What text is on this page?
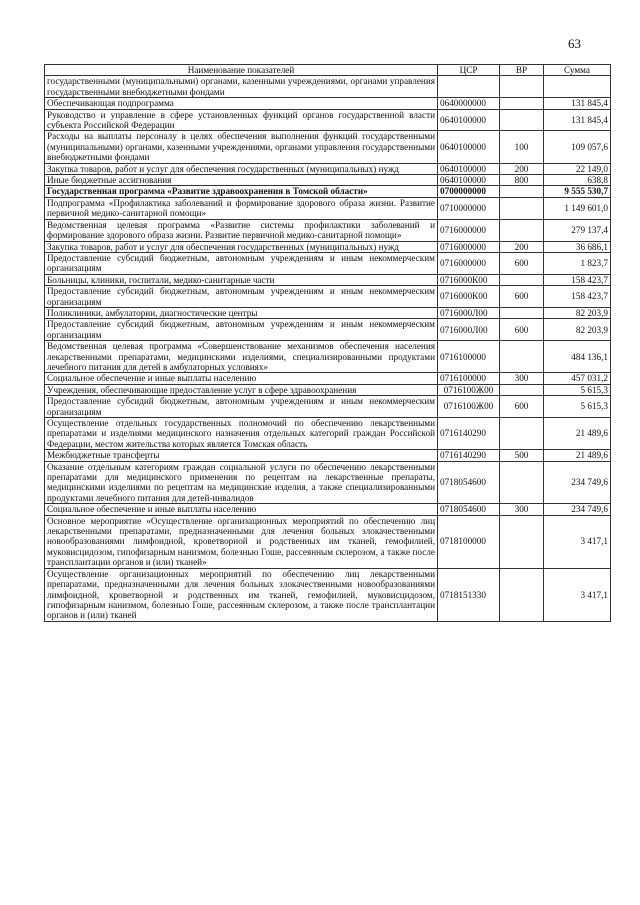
63
Наименование показателей	ЦСР	ВР	Сумма
государственными (муниципальными) органами, казенными учреждениями, органами управления государственными внебюджетными фондами			
Обеспечивающая подпрограмма	0640000000		131 845,4
Руководство и управление в сфере установленных функций органов государственной власти субъекта Российской Федерации	0640100000		131 845,4
Расходы на выплаты персоналу в целях обеспечения выполнения функций государственными (муниципальными) органами, казенными учреждениями, органами управления государственными внебюджетными фондами	0640100000	100	109 057,6
Закупка товаров, работ и услуг для обеспечения государственных (муниципальных) нужд	0640100000	200	22 149,0
Иные бюджетные ассигнования	0640100000	800	638,8
Государственная программа «Развитие здравоохранения в Томской области»	0700000000		9 555 530,7
Подпрограмма «Профилактика заболеваний и формирование здорового образа жизни. Развитие первичной медико-санитарной помощи»	0710000000		1 149 601,0
Ведомственная целевая программа «Развитие системы профилактики заболеваний и формирование здорового образа жизни. Развитие первичной медико-санитарной помощи»	0716000000		279 137,4
Закупка товаров, работ и услуг для обеспечения государственных (муниципальных) нужд	0716000000	200	36 686,1
Предоставление субсидий бюджетным, автономным учреждениям и иным некоммерческим организациям	0716000000	600	1 823,7
Больницы, клиники, госпитали, медико-санитарные части	0716000К00		158 423,7
Предоставление субсидий бюджетным, автономным учреждениям и иным некоммерческим организациям	0716000К00	600	158 423,7
Поликлиники, амбулатории, диагностические центры	0716000Л00		82 203,9
Предоставление субсидий бюджетным, автономным учреждениям и иным некоммерческим организациям	0716000Л00	600	82 203,9
Ведомственная целевая программа «Совершенствование механизмов обеспечения населения лекарственными препаратами, медицинскими изделиями, специализированными продуктами лечебного питания для детей в амбулаторных условиях»	0716100000		484 136,1
Социальное обеспечение и иные выплаты населению	0716100000	300	457 031,2
Учреждения, обеспечивающие предоставление услуг в сфере здравоохранения	0716100Ж00		5 615,3
Предоставление субсидий бюджетным, автономным учреждениям и иным некоммерческим организациям	0716100Ж00	600	5 615,3
Осуществление отдельных государственных полномочий по обеспечению лекарственными препаратами и изделиями медицинского назначения отдельных категорий граждан Российской Федерации, местом жительства которых является Томская область	0716140290		21 489,6
Межбюджетные трансферты	0716140290	500	21 489,6
Оказание отдельным категориям граждан социальной услуги по обеспечению лекарственными препаратами для медицинского применения по рецептам на лекарственные препараты, медицинскими изделиями по рецептам на медицинские изделия, а также специализированными продуктами лечебного питания для детей-инвалидов	0718054600		234 749,6
Социальное обеспечение и иные выплаты населению	0718054600	300	234 749,6
Основное мероприятие «Осуществление организационных мероприятий по обеспечению лиц лекарственными препаратами, предназначенными для лечения больных злокачественными новообразованиями лимфоидной, кроветворной и родственных им тканей, гемофилией, муковисцидозом, гипофизарным нанизмом, болезнью Гоше, рассеянным склерозом, а также после трансплантации органов и (или) тканей»	0718100000		3 417,1
Осуществление организационных мероприятий по обеспечению лиц лекарственными препаратами, предназначенными для лечения больных злокачественными новообразованиями лимфоидной, кроветворной и родственных им тканей, гемофилией, муковисцидозом, гипофизарным нанизмом, болезнью Гоше, рассеянным склерозом, а также после трансплантации органов и (или) тканей	0718151330		3 417,1
